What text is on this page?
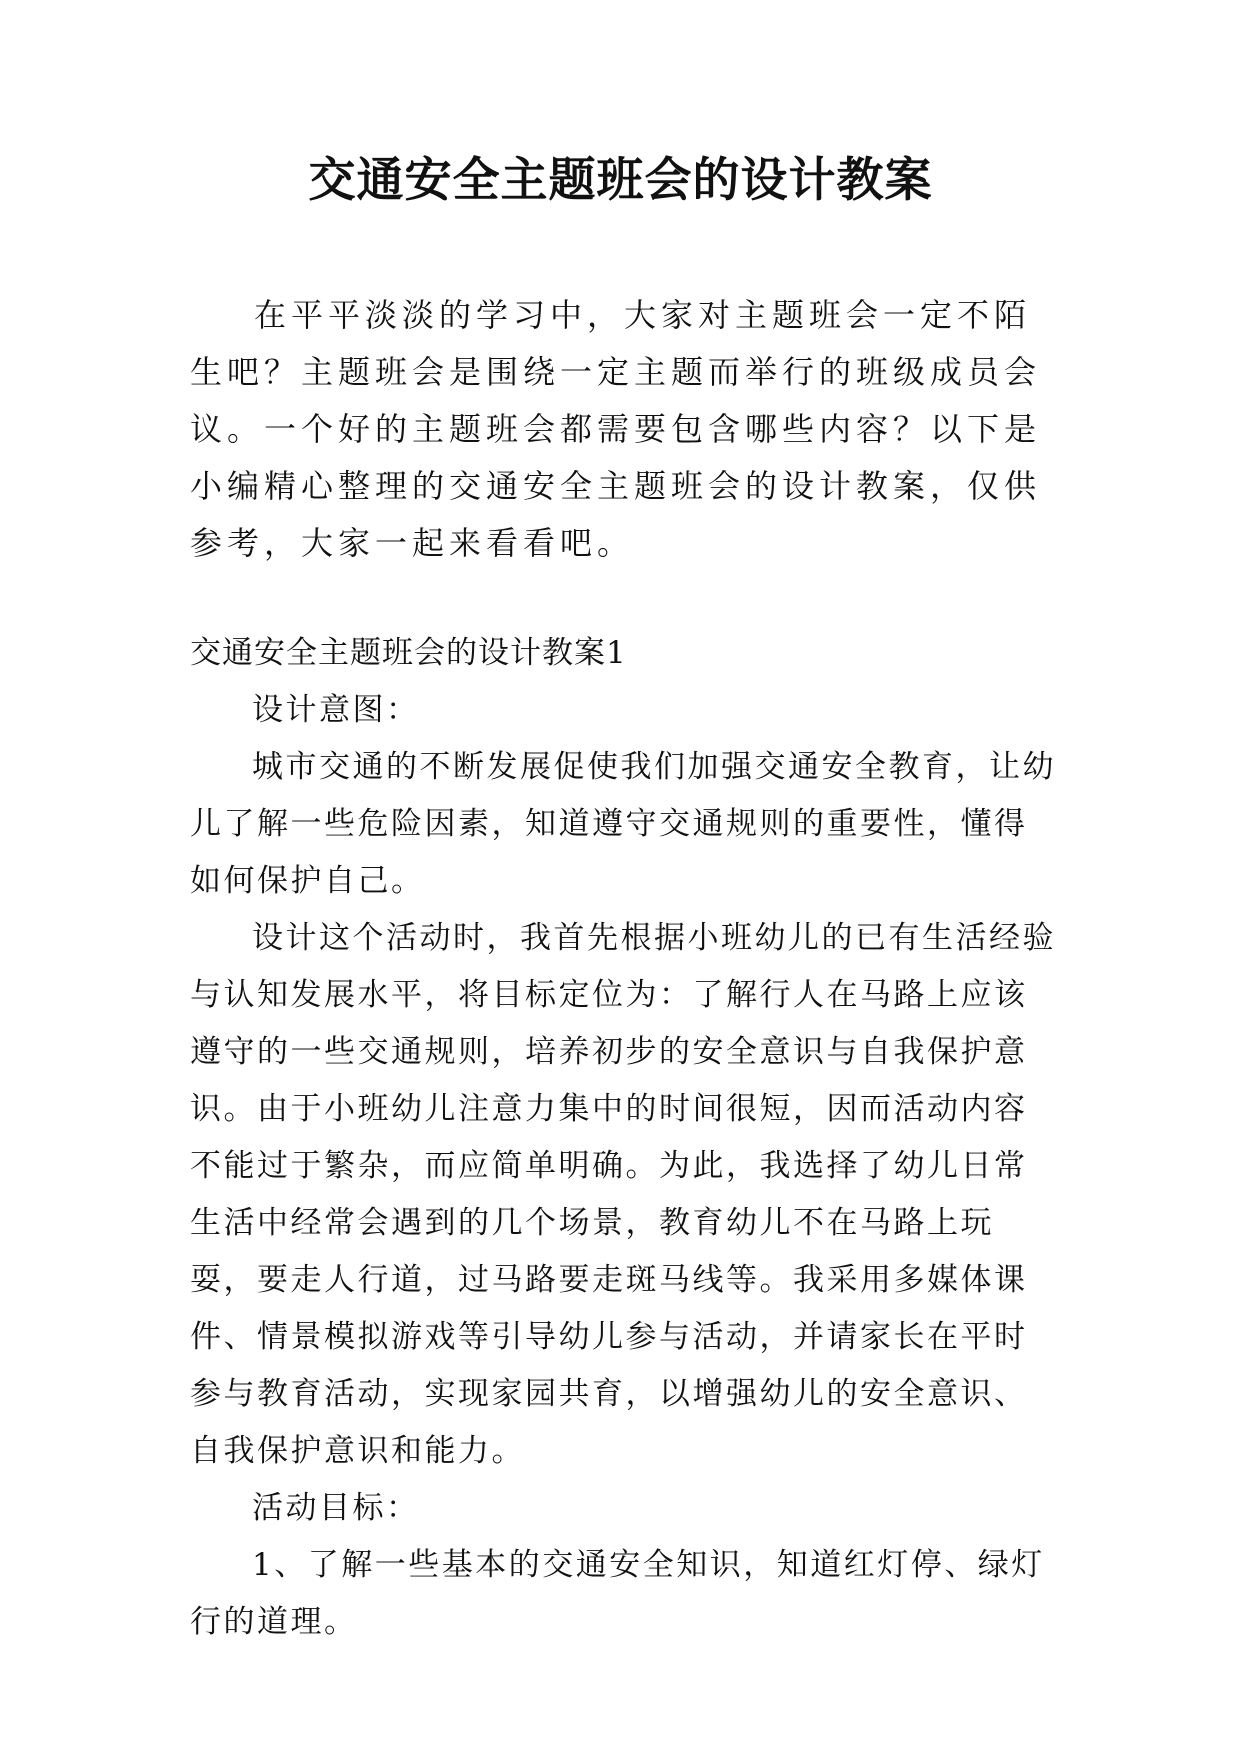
交通安全主题班会的设计教案

在平平淡淡的学习中，大家对主题班会一定不陌生吧？主题班会是围绕一定主题而举行的班级成员会议。一个好的主题班会都需要包含哪些内容？以下是小编精心整理的交通安全主题班会的设计教案，仅供参考，大家一起来看看吧。

交通安全主题班会的设计教案1

设计意图：

城市交通的不断发展促使我们加强交通安全教育，让幼儿了解一些危险因素，知道遵守交通规则的重要性，懂得如何保护自己。

设计这个活动时，我首先根据小班幼儿的已有生活经验与认知发展水平，将目标定位为：了解行人在马路上应该遵守的一些交通规则，培养初步的安全意识与自我保护意识。由于小班幼儿注意力集中的时间很短，因而活动内容不能过于繁杂，而应简单明确。为此，我选择了幼儿日常生活中经常会遇到的几个场景，教育幼儿不在马路上玩耍，要走人行道，过马路要走斑马线等。我采用多媒体课件、情景模拟游戏等引导幼儿参与活动，并请家长在平时参与教育活动，实现家园共育，以增强幼儿的安全意识、自我保护意识和能力。

活动目标：

1、了解一些基本的交通安全知识，知道红灯停、绿灯行的道理。
